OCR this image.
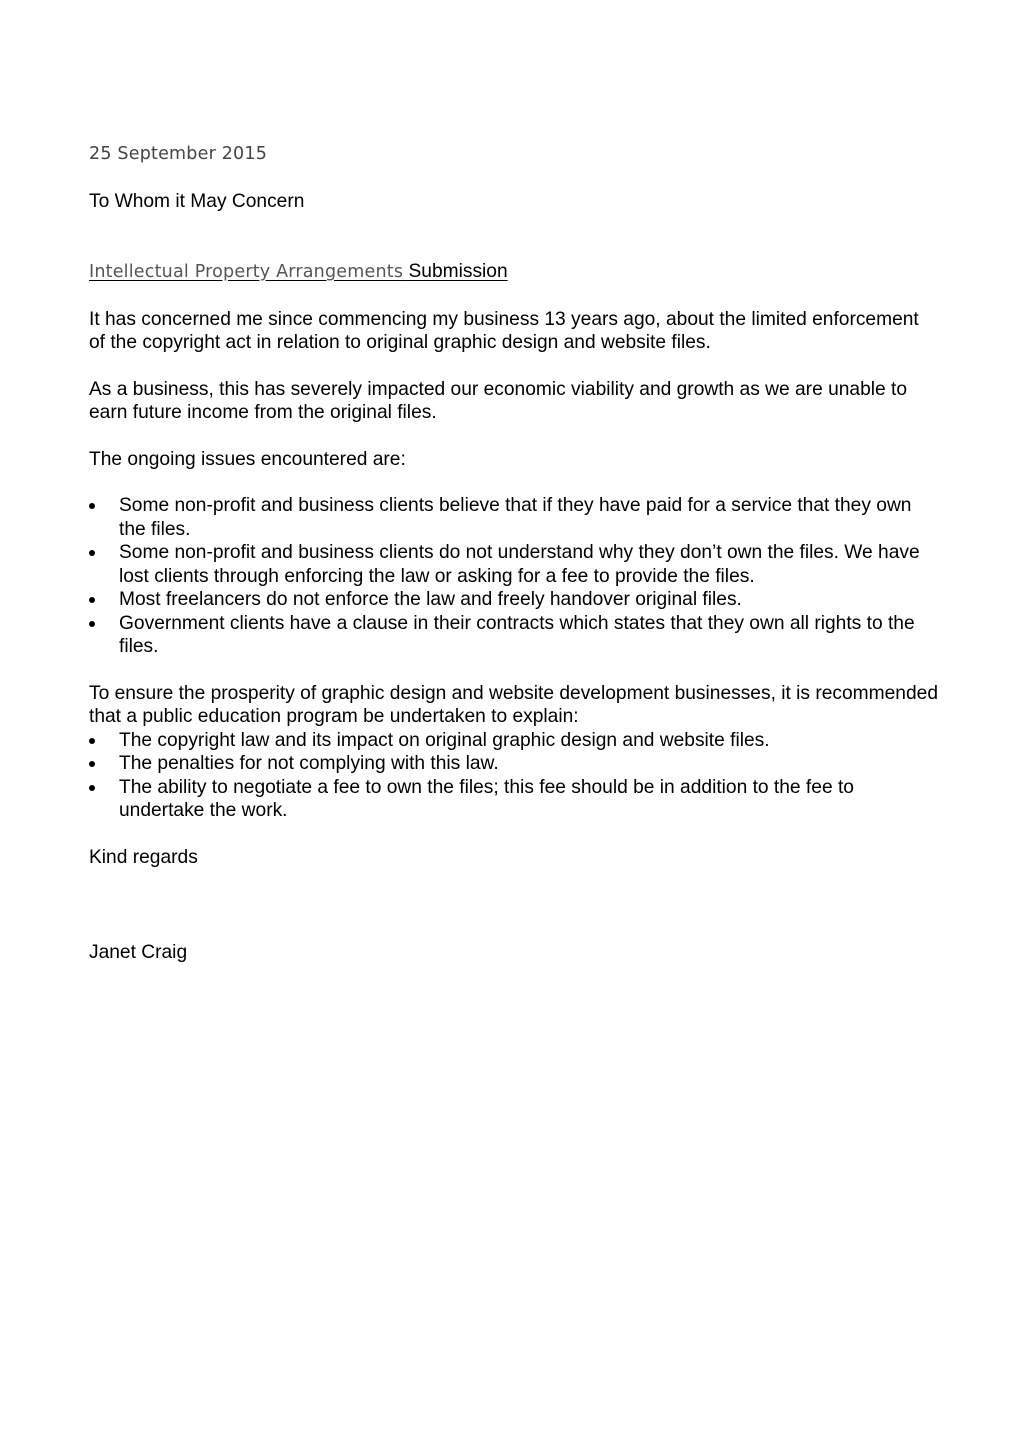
25 September 2015

To Whom it May Concern

Intellectual Property Arrangements Submission

It has concerned me since commencing my business 13 years ago, about the limited enforcement of the copyright act in relation to original graphic design and website files.

As a business, this has severely impacted our economic viability and growth as we are unable to earn future income from the original files.

The ongoing issues encountered are:

Some non-profit and business clients believe that if they have paid for a service that they own the files.
Some non-profit and business clients do not understand why they don’t own the files. We have lost clients through enforcing the law or asking for a fee to provide the files.
Most freelancers do not enforce the law and freely handover original files.
Government clients have a clause in their contracts which states that they own all rights to the files.

To ensure the prosperity of graphic design and website development businesses, it is recommended that a public education program be undertaken to explain:

The copyright law and its impact on original graphic design and website files.
The penalties for not complying with this law.
The ability to negotiate a fee to own the files; this fee should be in addition to the fee to undertake the work.

Kind regards

Janet Craig
